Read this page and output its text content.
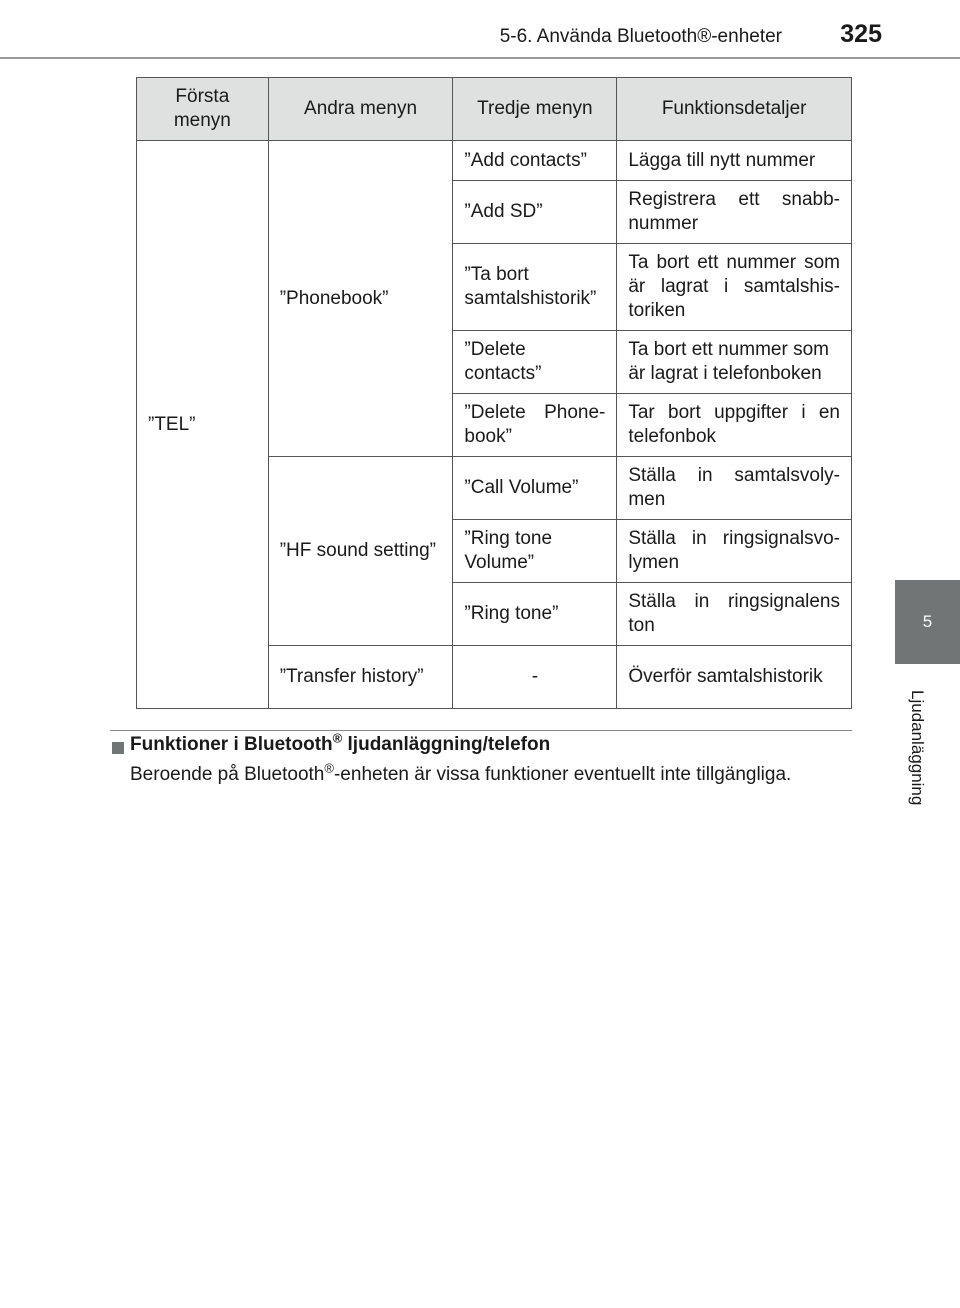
5-6. Använda Bluetooth®-enheter 325
5
Ljudanläggning
Första menyn	Andra menyn	Tredje menyn	Funktionsdetaljer
”TEL”	”Phonebook”	”Add contacts”	Lägga till nytt nummer
		”Add SD”	Registrera ett snabb- nummer
		”Ta bort samtalshistorik”	Ta bort ett nummer som är lagrat i samtalshis- toriken
		”Delete contacts”	Ta bort ett nummer som är lagrat i telefonboken
		”Delete Phone- book”	Tar bort uppgifter i en telefonbok
	”HF sound setting”	”Call Volume”	Ställa in samtalsvoly- men
		”Ring tone Volume”	Ställa in ringsignalsvo- lymen
		”Ring tone”	Ställa in ringsignalens ton
	”Transfer history”	-	Överför samtalshistorik
Funktioner i Bluetooth® ljudanläggning/telefon
Beroende på Bluetooth®-enheten är vissa funktioner eventuellt inte tillgängliga.
